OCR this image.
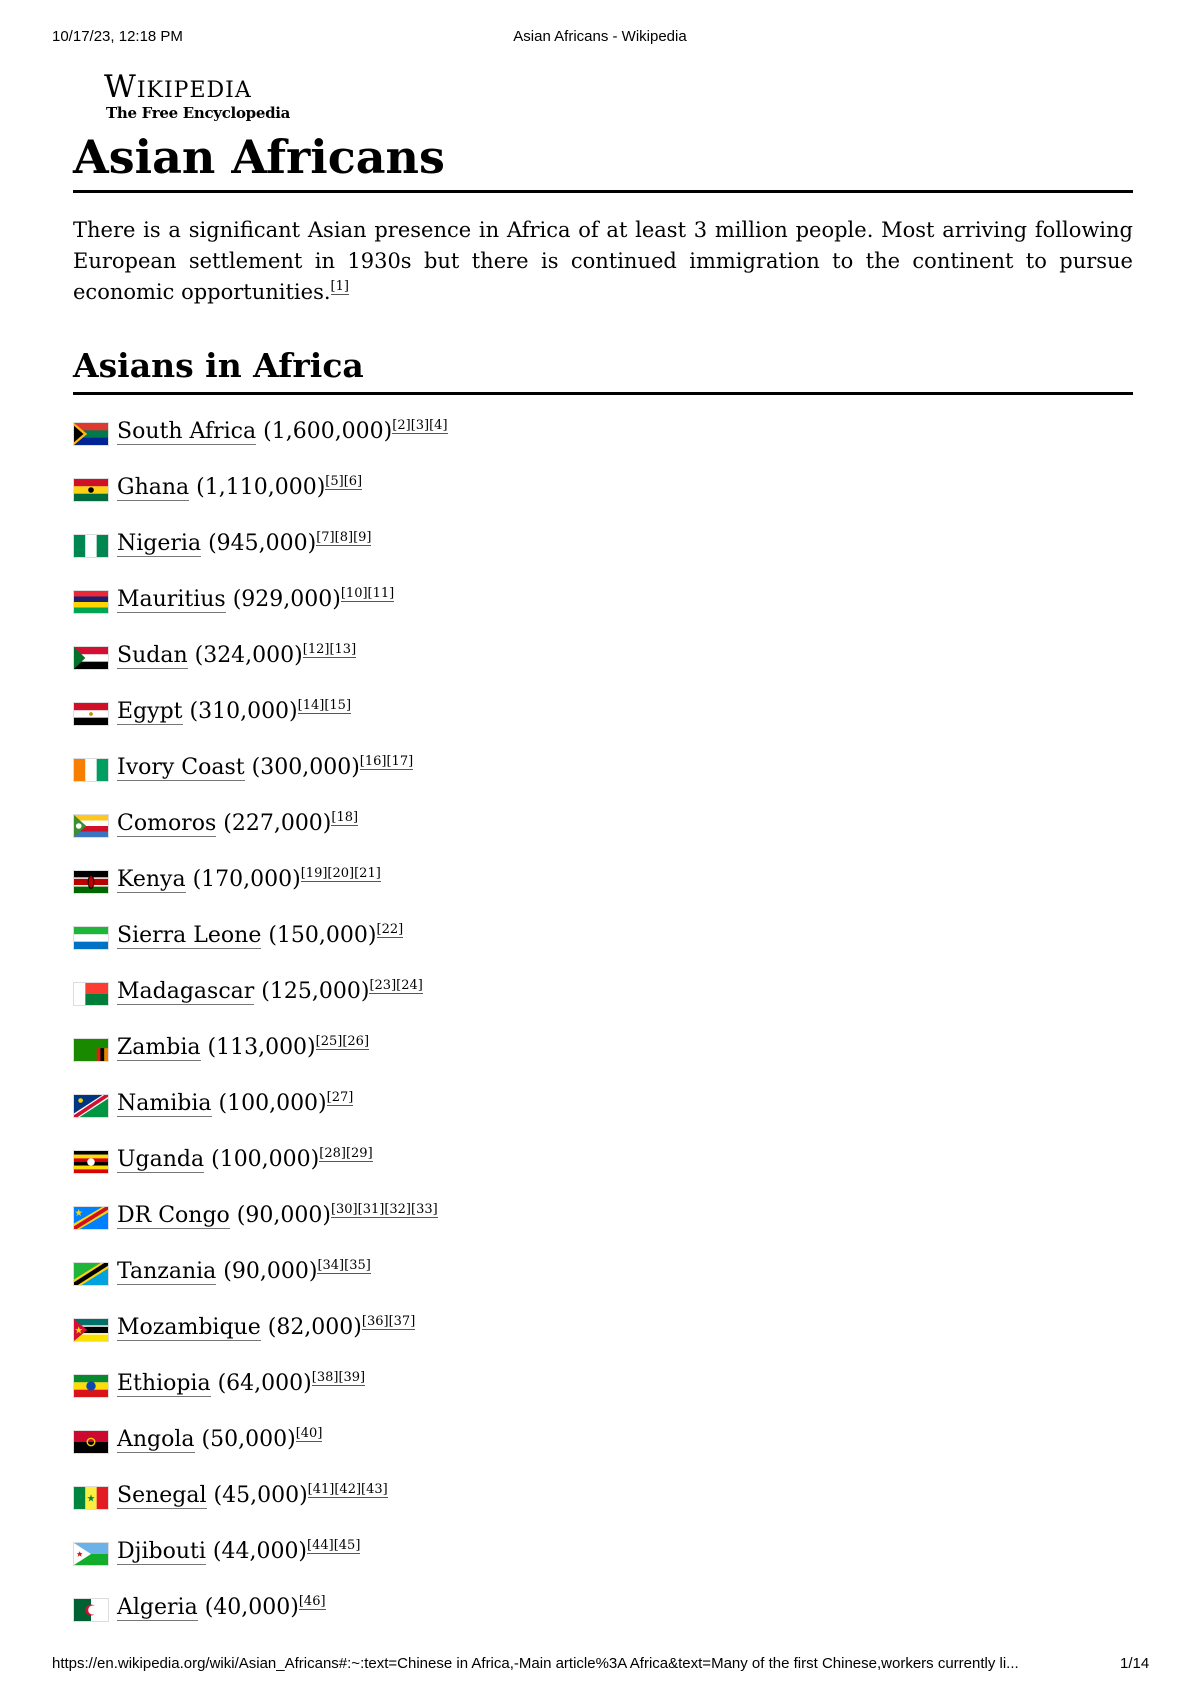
10/17/23, 12:18 PM	Asian Africans - Wikipedia
Wikipedia
The Free Encyclopedia
Asian Africans

There is a significant Asian presence in Africa of at least 3 million people. Most arriving following European settlement in 1930s but there is continued immigration to the continent to pursue economic opportunities.[1]

Asians in Africa
South Africa (1,600,000)[2][3][4]
Ghana (1,110,000)[5][6]
Nigeria (945,000)[7][8][9]
Mauritius (929,000)[10][11]
Sudan (324,000)[12][13]
Egypt (310,000)[14][15]
Ivory Coast (300,000)[16][17]
Comoros (227,000)[18]
Kenya (170,000)[19][20][21]
Sierra Leone (150,000)[22]
Madagascar (125,000)[23][24]
Zambia (113,000)[25][26]
Namibia (100,000)[27]
Uganda (100,000)[28][29]
DR Congo (90,000)[30][31][32][33]
Tanzania (90,000)[34][35]
Mozambique (82,000)[36][37]
Ethiopia (64,000)[38][39]
Angola (50,000)[40]
Senegal (45,000)[41][42][43]
Djibouti (44,000)[44][45]
Algeria (40,000)[46]
https://en.wikipedia.org/wiki/Asian_Africans#:~:text=Chinese in Africa,-Main article%3A Africa&text=Many of the first Chinese,workers currently li...	1/14
